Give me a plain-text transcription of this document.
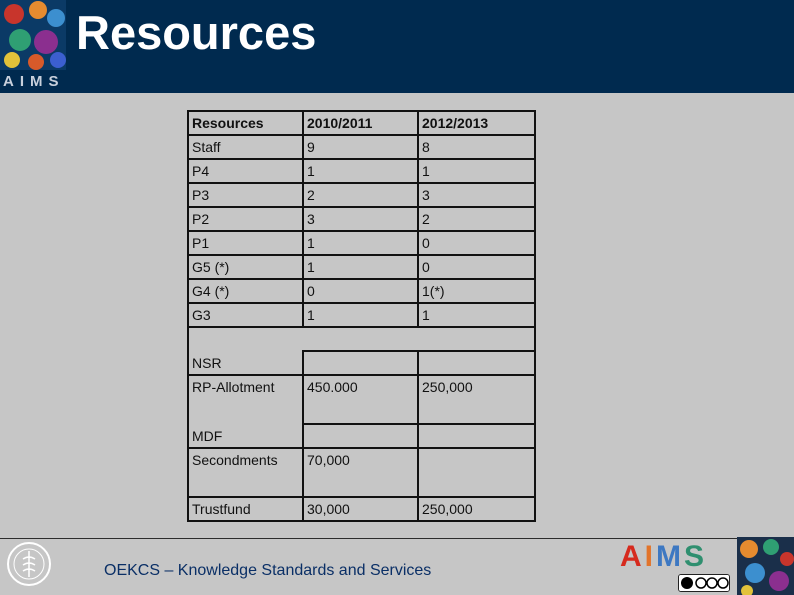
AIMS
Resources
Resources	2010/2011	2012/2013
Staff	9	8
P4	1	1
P3	2	3
P2	3	2
P1	1	0
G5 (*)	1	0
G4 (*)	0	1(*)
G3	1	1

NSR		
RP-Allotment	450.000	250,000
MDF		
Secondments	70,000	
Trustfund	30,000	250,000
OEKCS – Knowledge Standards and Services	AIMS
